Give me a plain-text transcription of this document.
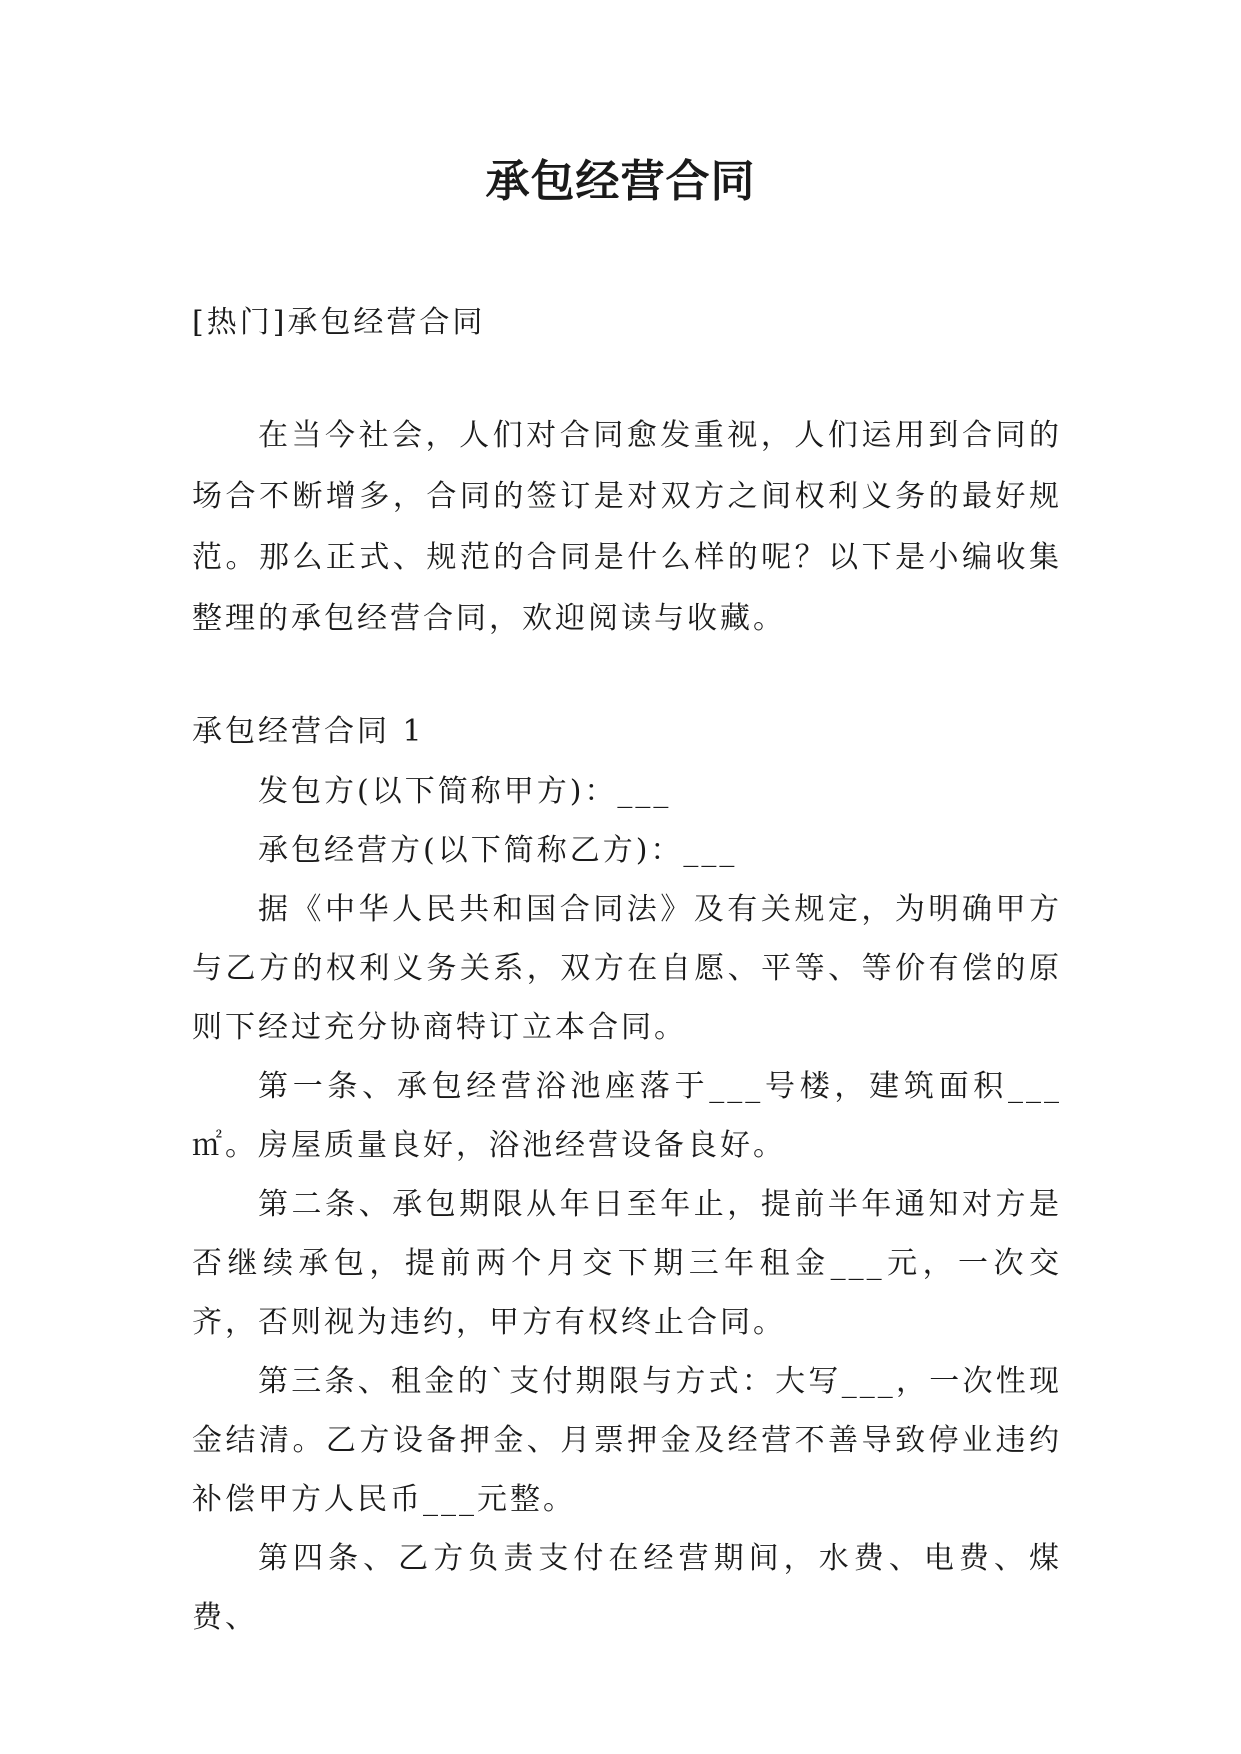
承包经营合同

[热门]承包经营合同

在当今社会，人们对合同愈发重视，人们运用到合同的场合不断增多，合同的签订是对双方之间权利义务的最好规范。那么正式、规范的合同是什么样的呢？以下是小编收集整理的承包经营合同，欢迎阅读与收藏。

承包经营合同 1

发包方(以下简称甲方)：___

承包经营方(以下简称乙方)：___

据《中华人民共和国合同法》及有关规定，为明确甲方与乙方的权利义务关系，双方在自愿、平等、等价有偿的原则下经过充分协商特订立本合同。

第一条、承包经营浴池座落于___号楼，建筑面积___㎡。房屋质量良好，浴池经营设备良好。

第二条、承包期限从年日至年止，提前半年通知对方是否继续承包，提前两个月交下期三年租金___元，一次交齐，否则视为违约，甲方有权终止合同。

第三条、租金的`支付期限与方式：大写___，一次性现金结清。乙方设备押金、月票押金及经营不善导致停业违约补偿甲方人民币___元整。

第四条、乙方负责支付在经营期间，水费、电费、煤费、
